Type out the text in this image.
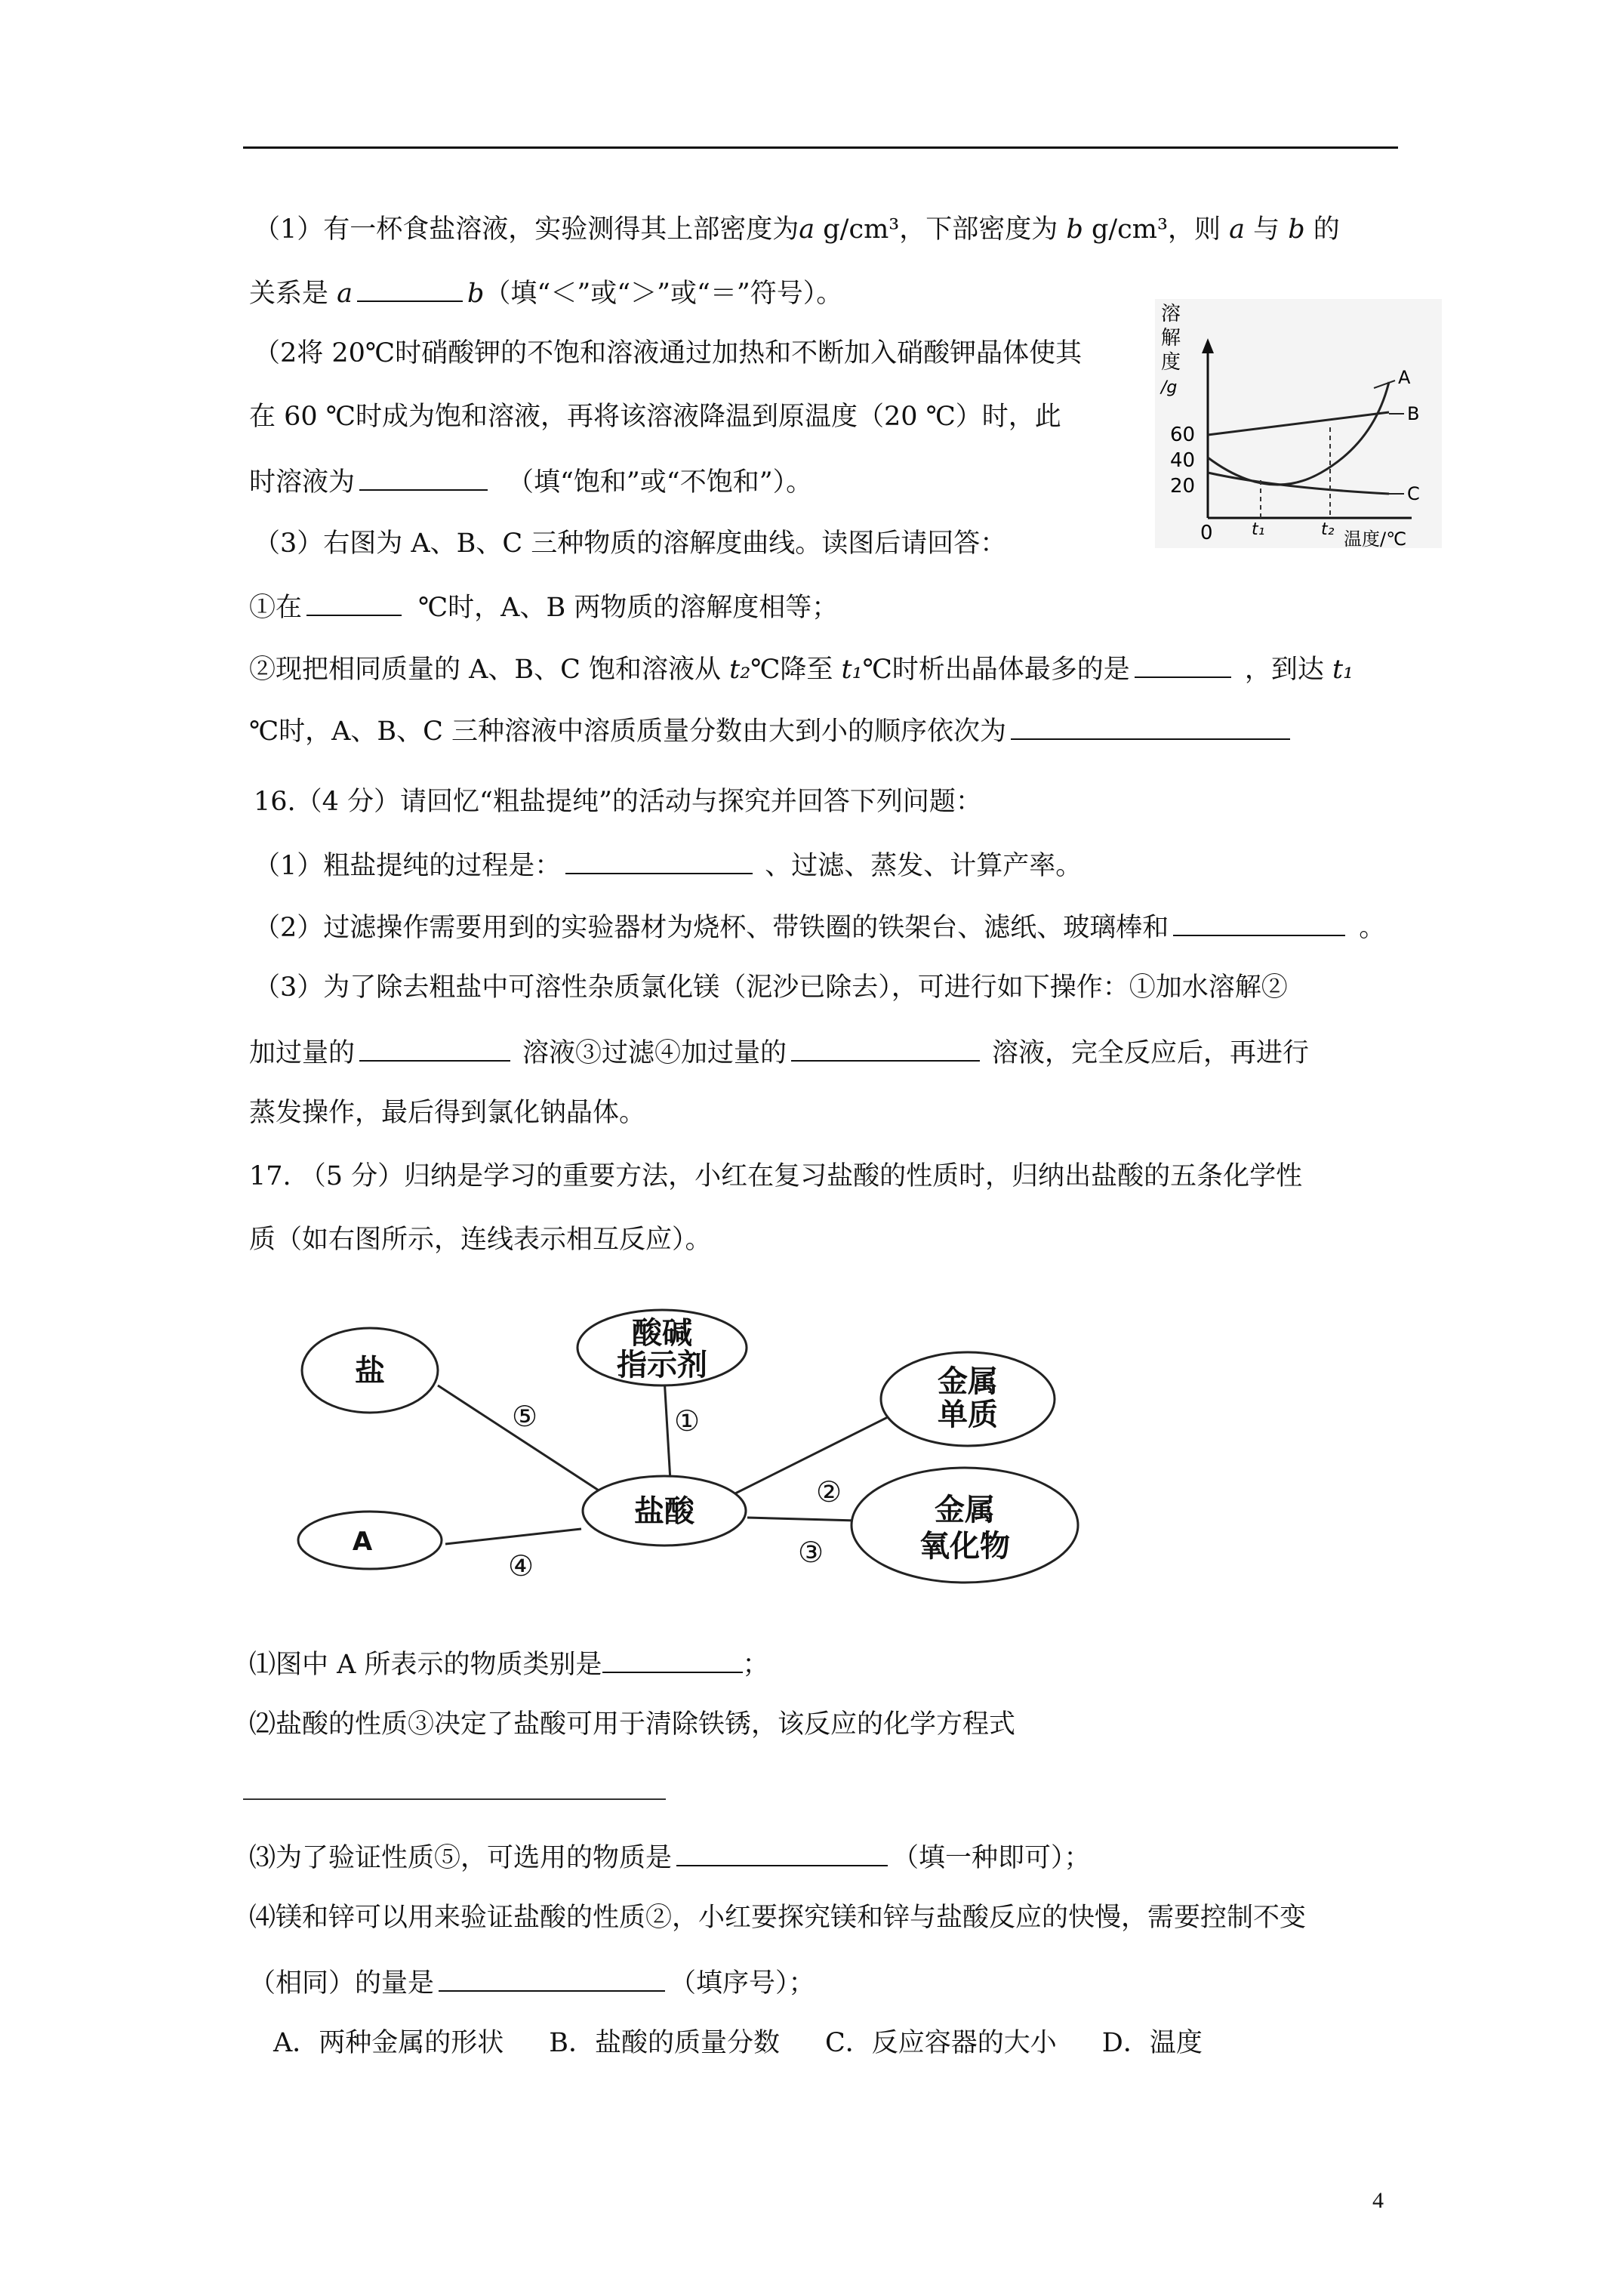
（1）有一杯食盐溶液，实验测得其上部密度为a g/cm³，下部密度为 b g/cm³，则 a 与 b 的
关系是 a	b（填“＜”或“＞”或“＝”符号）。
（2将 20℃时硝酸钾的不饱和溶液通过加热和不断加入硝酸钾晶体使其
在 60 ℃时成为饱和溶液，再将该溶液降温到原温度（20 ℃）时，此
时溶液为	（填“饱和”或“不饱和”）。
（3）右图为 A、B、C 三种物质的溶解度曲线。读图后请回答：
①在	℃时，A、B 两物质的溶解度相等；
②现把相同质量的 A、B、C 饱和溶液从 t₂℃降至 t₁℃时析出晶体最多的是	，到达 t₁
℃时，A、B、C 三种溶液中溶质质量分数由大到小的顺序依次为
溶
解
度
/g
60
40
20
0
A
B
C
t₁	t₂ 温度/℃
16.（4 分）请回忆“粗盐提纯”的活动与探究并回答下列问题：
（1）粗盐提纯的过程是：	、过滤、蒸发、计算产率。
（2）过滤操作需要用到的实验器材为烧杯、带铁圈的铁架台、滤纸、玻璃棒和	。
（3）为了除去粗盐中可溶性杂质氯化镁（泥沙已除去），可进行如下操作：①加水溶解②
加过量的	溶液③过滤④加过量的	溶液，完全反应后，再进行
蒸发操作，最后得到氯化钠晶体。
17. （5 分）归纳是学习的重要方法，小红在复习盐酸的性质时，归纳出盐酸的五条化学性
质（如右图所示，连线表示相互反应）。
盐酸
酸碱
指示剂
盐
A
金属
单质
金属
氧化物
①
②
③
④
⑤
⑴图中 A 所表示的物质类别是	；
⑵盐酸的性质③决定了盐酸可用于清除铁锈，该反应的化学方程式
⑶为了验证性质⑤，可选用的物质是	（填一种即可）；
⑷镁和锌可以用来验证盐酸的性质②，小红要探究镁和锌与盐酸反应的快慢，需要控制不变
（相同）的量是	（填序号）；
A．两种金属的形状 B．盐酸的质量分数 C．反应容器的大小 D．温度
4
